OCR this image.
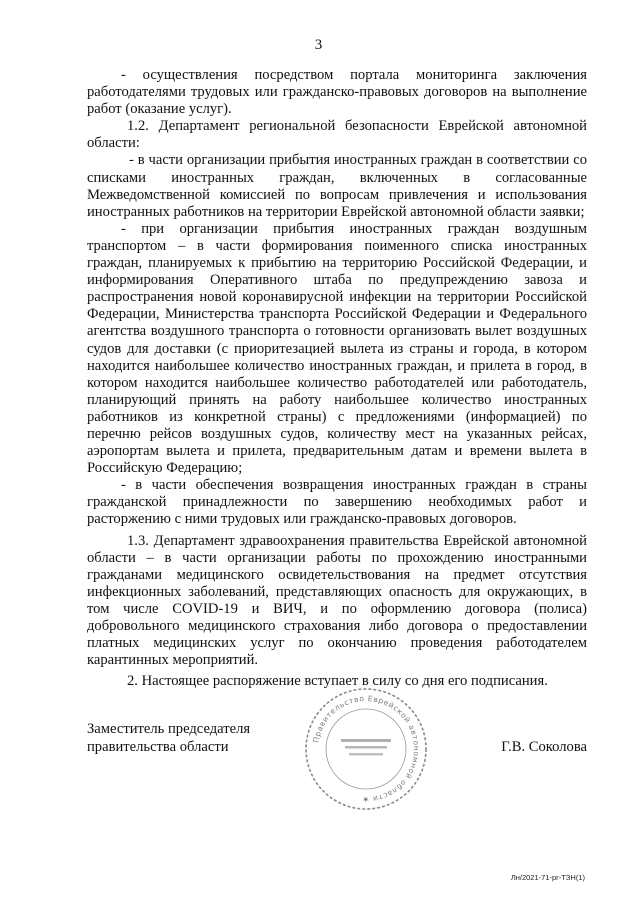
3

- осуществления посредством портала мониторинга заключения работодателями трудовых или гражданско-правовых договоров на выполнение работ (оказание услуг).

1.2. Департамент региональной безопасности Еврейской автономной области:

- в части организации прибытия иностранных граждан в соответствии со списками иностранных граждан, включенных в согласованные Межведомственной комиссией по вопросам привлечения и использования иностранных работников на территории Еврейской автономной области заявки;

- при организации прибытия иностранных граждан воздушным транспортом – в части формирования поименного списка иностранных граждан, планируемых к прибытию на территорию Российской Федерации, и информирования Оперативного штаба по предупреждению завоза и распространения новой коронавирусной инфекции на территории Российской Федерации, Министерства транспорта Российской Федерации и Федерального агентства воздушного транспорта о готовности организовать вылет воздушных судов для доставки (с приоритезацией вылета из страны и города, в котором находится наибольшее количество иностранных граждан, и прилета в город, в котором находится наибольшее количество работодателей или работодатель, планирующий принять на работу наибольшее количество иностранных работников из конкретной страны) с предложениями (информацией) по перечню рейсов воздушных судов, количеству мест на указанных рейсах, аэропортам вылета и прилета, предварительным датам и времени вылета в Российскую Федерацию;

- в части обеспечения возвращения иностранных граждан в страны гражданской принадлежности по завершению необходимых работ и расторжению с ними трудовых или гражданско-правовых договоров.

1.3. Департамент здравоохранения правительства Еврейской автономной области – в части организации работы по прохождению иностранными гражданами медицинского освидетельствования на предмет отсутствия инфекционных заболеваний, представляющих опасность для окружающих, в том числе COVID-19 и ВИЧ, и по оформлению договора (полиса) добровольного медицинского страхования либо договора о предоставлении платных медицинских услуг по окончанию проведения работодателем карантинных мероприятий.

2. Настоящее распоряжение вступает в силу со дня его подписания.

Правительство Еврейской автономной области ★
Заместитель председателя
правительства области	Г.В. Соколова
Лн/2021-71-рг-ТЗН(1)
